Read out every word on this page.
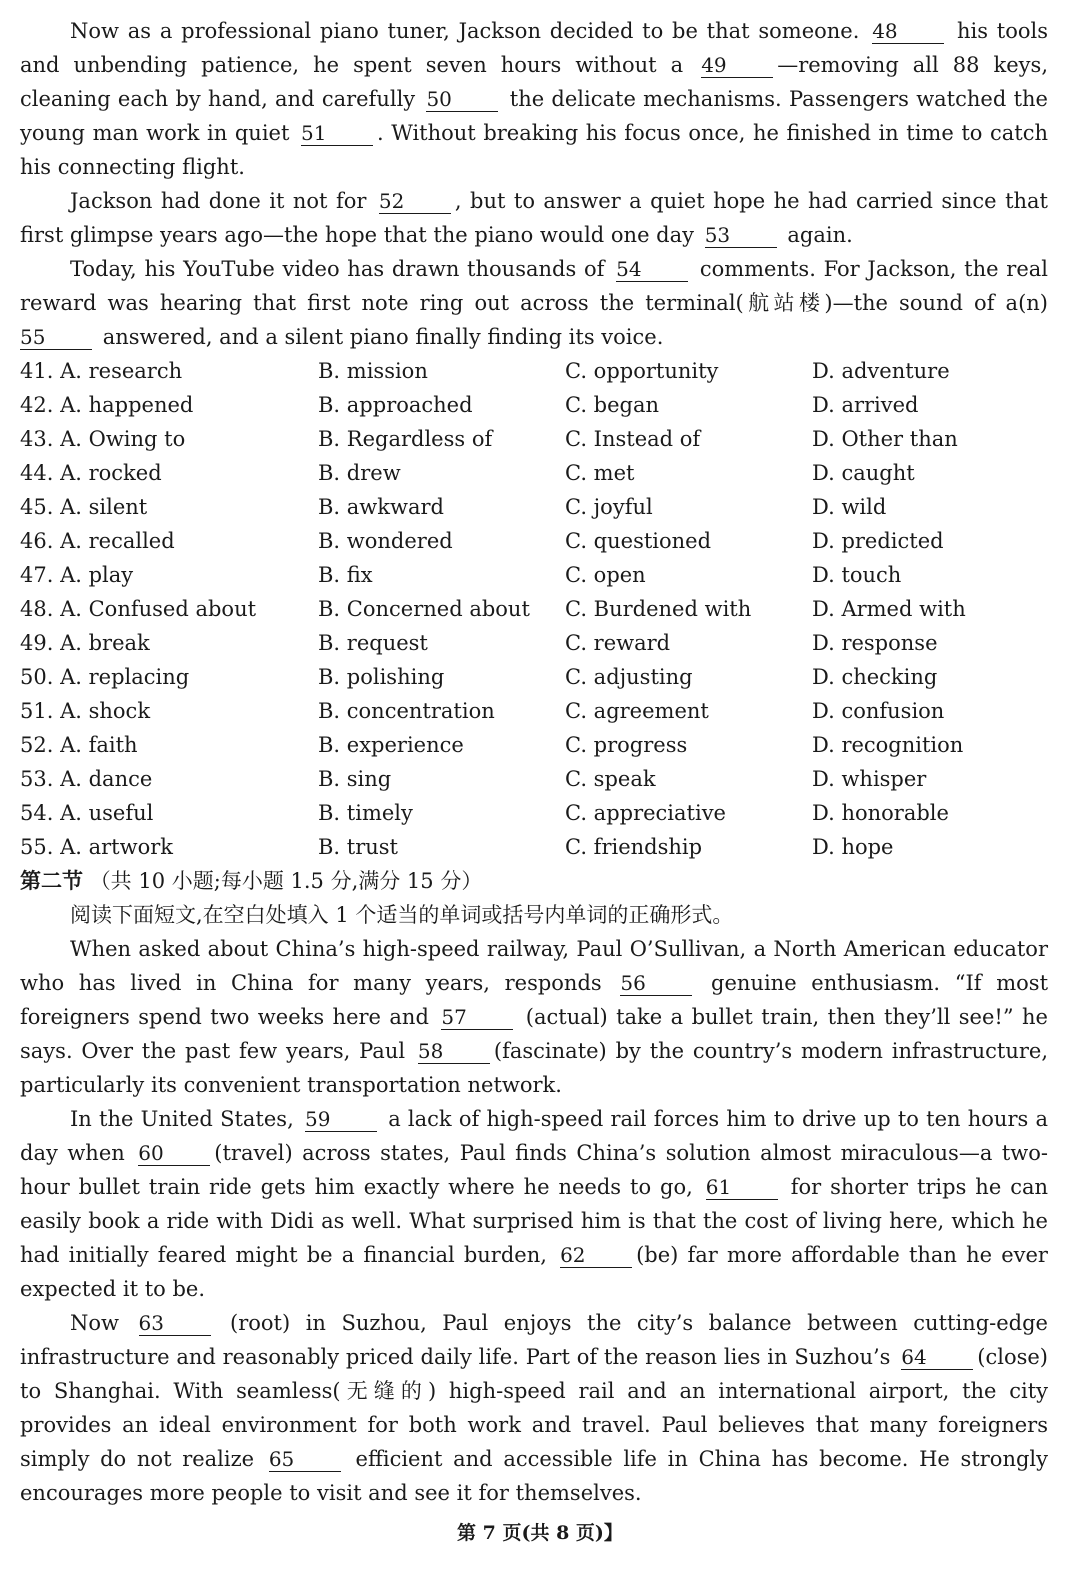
Now as a professional piano tuner, Jackson decided to be that someone. 48	his tools and unbending patience, he spent seven hours without a 49 —removing all 88 keys, cleaning each by hand, and carefully 50	the delicate mechanisms. Passengers watched the young man work in quiet 51 . Without breaking his focus once, he finished in time to catch his connecting flight.

Jackson had done it not for 52 , but to answer a quiet hope he had carried since that first glimpse years ago—the hope that the piano would one day 53	again.

Today, his YouTube video has drawn thousands of 54	comments. For Jackson, the real reward was hearing that first note ring out across the terminal(航站楼)—the sound of a(n) 55	answered, and a silent piano finally finding its voice.

41. A. research	B. mission	C. opportunity	D. adventure
42. A. happened	B. approached	C. began	D. arrived
43. A. Owing to	B. Regardless of	C. Instead of	D. Other than
44. A. rocked	B. drew	C. met	D. caught
45. A. silent	B. awkward	C. joyful	D. wild
46. A. recalled	B. wondered	C. questioned	D. predicted
47. A. play	B. fix	C. open	D. touch
48. A. Confused about	B. Concerned about	C. Burdened with	D. Armed with
49. A. break	B. request	C. reward	D. response
50. A. replacing	B. polishing	C. adjusting	D. checking
51. A. shock	B. concentration	C. agreement	D. confusion
52. A. faith	B. experience	C. progress	D. recognition
53. A. dance	B. sing	C. speak	D. whisper
54. A. useful	B. timely	C. appreciative	D. honorable
55. A. artwork	B. trust	C. friendship	D. hope

第二节 （共 10 小题;每小题 1.5 分,满分 15 分）

阅读下面短文,在空白处填入 1 个适当的单词或括号内单词的正确形式。

When asked about China’s high-speed railway, Paul O’Sullivan, a North American educator who has lived in China for many years, responds 56	genuine enthusiasm. “If most foreigners spend two weeks here and 57	(actual) take a bullet train, then they’ll see!” he says. Over the past few years, Paul 58 (fascinate) by the country’s modern infrastructure, particularly its convenient transportation network.

In the United States, 59	a lack of high-speed rail forces him to drive up to ten hours a day when 60 (travel) across states, Paul finds China’s solution almost miraculous—a two-hour bullet train ride gets him exactly where he needs to go, 61	for shorter trips he can easily book a ride with Didi as well. What surprised him is that the cost of living here, which he had initially feared might be a financial burden, 62 (be) far more affordable than he ever expected it to be.

Now 63	(root) in Suzhou, Paul enjoys the city’s balance between cutting-edge infrastructure and reasonably priced daily life. Part of the reason lies in Suzhou’s 64 (close) to Shanghai. With seamless(无缝的) high-speed rail and an international airport, the city provides an ideal environment for both work and travel. Paul believes that many foreigners simply do not realize 65	efficient and accessible life in China has become. He strongly encourages more people to visit and see it for themselves.

第 7 页(共 8 页)】
